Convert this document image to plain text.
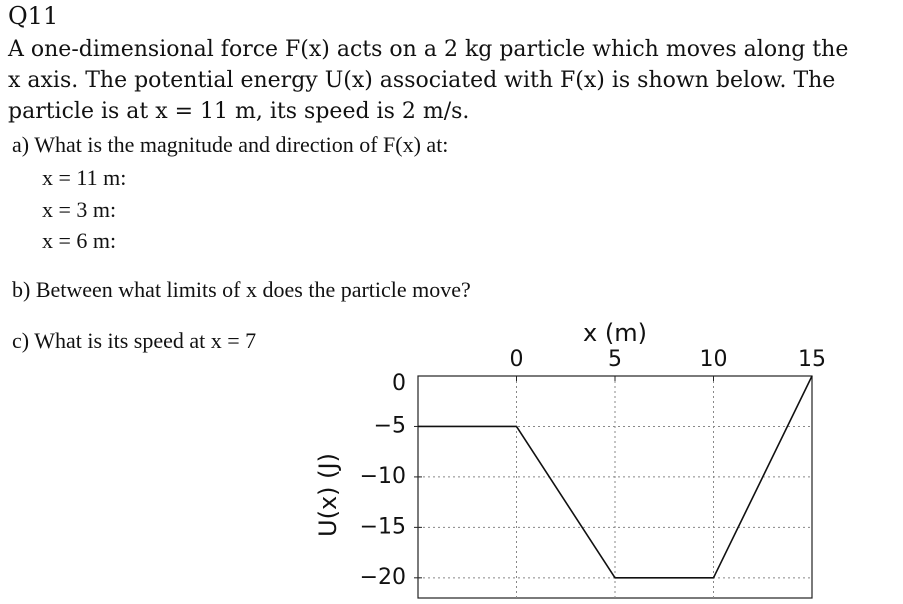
Q11
A one-dimensional force F(x) acts on a 2 kg particle which moves along the
x axis. The potential energy U(x) associated with F(x) is shown below. The
particle is at x = 11 m, its speed is 2 m/s.
a) What is the magnitude and direction of F(x) at:
x = 11 m:
x = 3 m:
x = 6 m:
b) Between what limits of x does the particle move?
c) What is its speed at x = 7
0	5	10	15
0
−5
−10
−15
−20
x (m)
U(x) (J)
